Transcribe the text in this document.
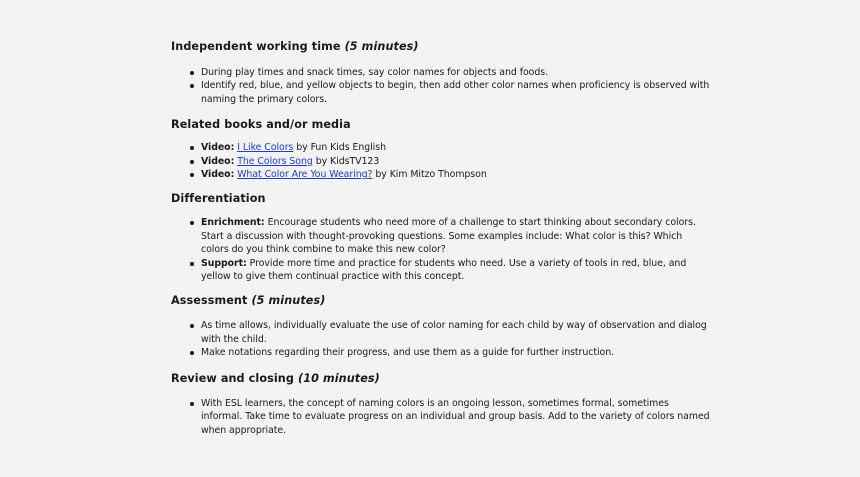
Independent working time (5 minutes)
During play times and snack times, say color names for objects and foods.
Identify red, blue, and yellow objects to begin, then add other color names when proficiency is observed with naming the primary colors.
Related books and/or media
Video: I Like Colors by Fun Kids English
Video: The Colors Song by KidsTV123
Video: What Color Are You Wearing? by Kim Mitzo Thompson
Differentiation
Enrichment: Encourage students who need more of a challenge to start thinking about secondary colors. Start a discussion with thought-provoking questions. Some examples include: What color is this? Which colors do you think combine to make this new color?
Support: Provide more time and practice for students who need. Use a variety of tools in red, blue, and yellow to give them continual practice with this concept.
Assessment (5 minutes)
As time allows, individually evaluate the use of color naming for each child by way of observation and dialog with the child.
Make notations regarding their progress, and use them as a guide for further instruction.
Review and closing (10 minutes)
With ESL learners, the concept of naming colors is an ongoing lesson, sometimes formal, sometimes informal. Take time to evaluate progress on an individual and group basis. Add to the variety of colors named when appropriate.
